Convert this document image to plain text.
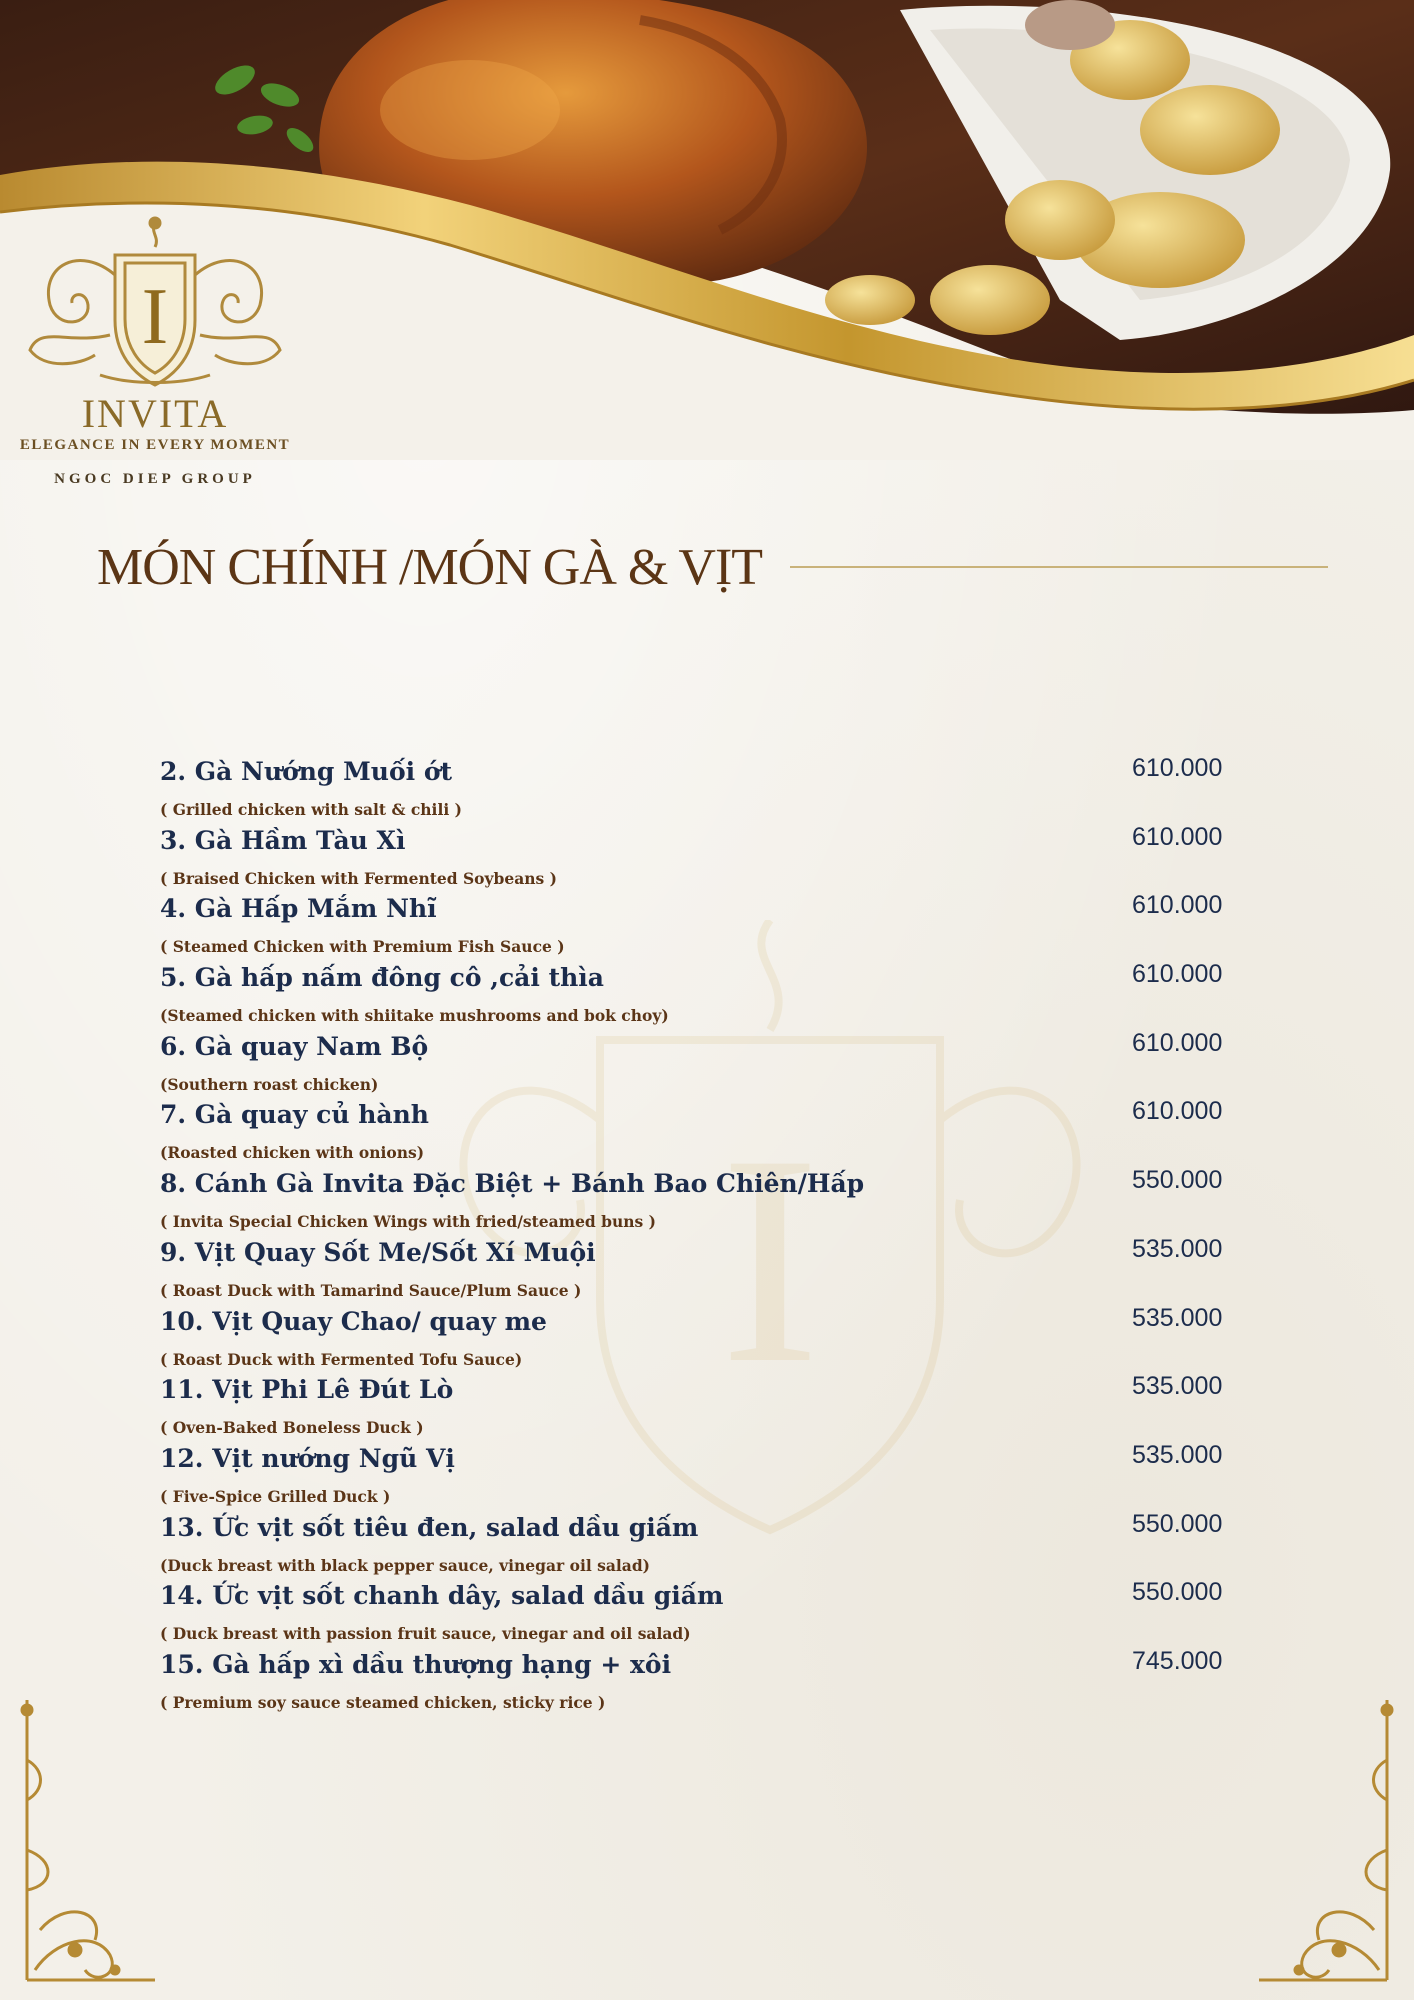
I
INVITA
ELEGANCE IN EVERY MOMENT
NGOC DIEP GROUP
MÓN CHÍNH /MÓN GÀ & VỊT
I
2. Gà Nướng Muối ớt
( Grilled chicken with salt & chili )
610.000
3. Gà Hầm Tàu Xì
( Braised Chicken with Fermented Soybeans )
610.000
4. Gà Hấp Mắm Nhĩ
( Steamed Chicken with Premium Fish Sauce )
610.000
5. Gà hấp nấm đông cô ,cải thìa
(Steamed chicken with shiitake mushrooms and bok choy)
610.000
6. Gà quay Nam Bộ
(Southern roast chicken)
610.000
7. Gà quay củ hành
(Roasted chicken with onions)
610.000
8. Cánh Gà Invita Đặc Biệt + Bánh Bao Chiên/Hấp
( Invita Special Chicken Wings with fried/steamed buns )
550.000
9. Vịt Quay Sốt Me/Sốt Xí Muội
( Roast Duck with Tamarind Sauce/Plum Sauce )
535.000
10. Vịt Quay Chao/ quay me
( Roast Duck with Fermented Tofu Sauce)
535.000
11. Vịt Phi Lê Đút Lò
( Oven-Baked Boneless Duck )
535.000
12. Vịt nướng Ngũ Vị
( Five-Spice Grilled Duck )
535.000
13. Ức vịt sốt tiêu đen, salad dầu giấm
(Duck breast with black pepper sauce, vinegar oil salad)
550.000
14. Ức vịt sốt chanh dây, salad dầu giấm
( Duck breast with passion fruit sauce, vinegar and oil salad)
550.000
15. Gà hấp xì dầu thượng hạng + xôi
( Premium soy sauce steamed chicken, sticky rice )
745.000
